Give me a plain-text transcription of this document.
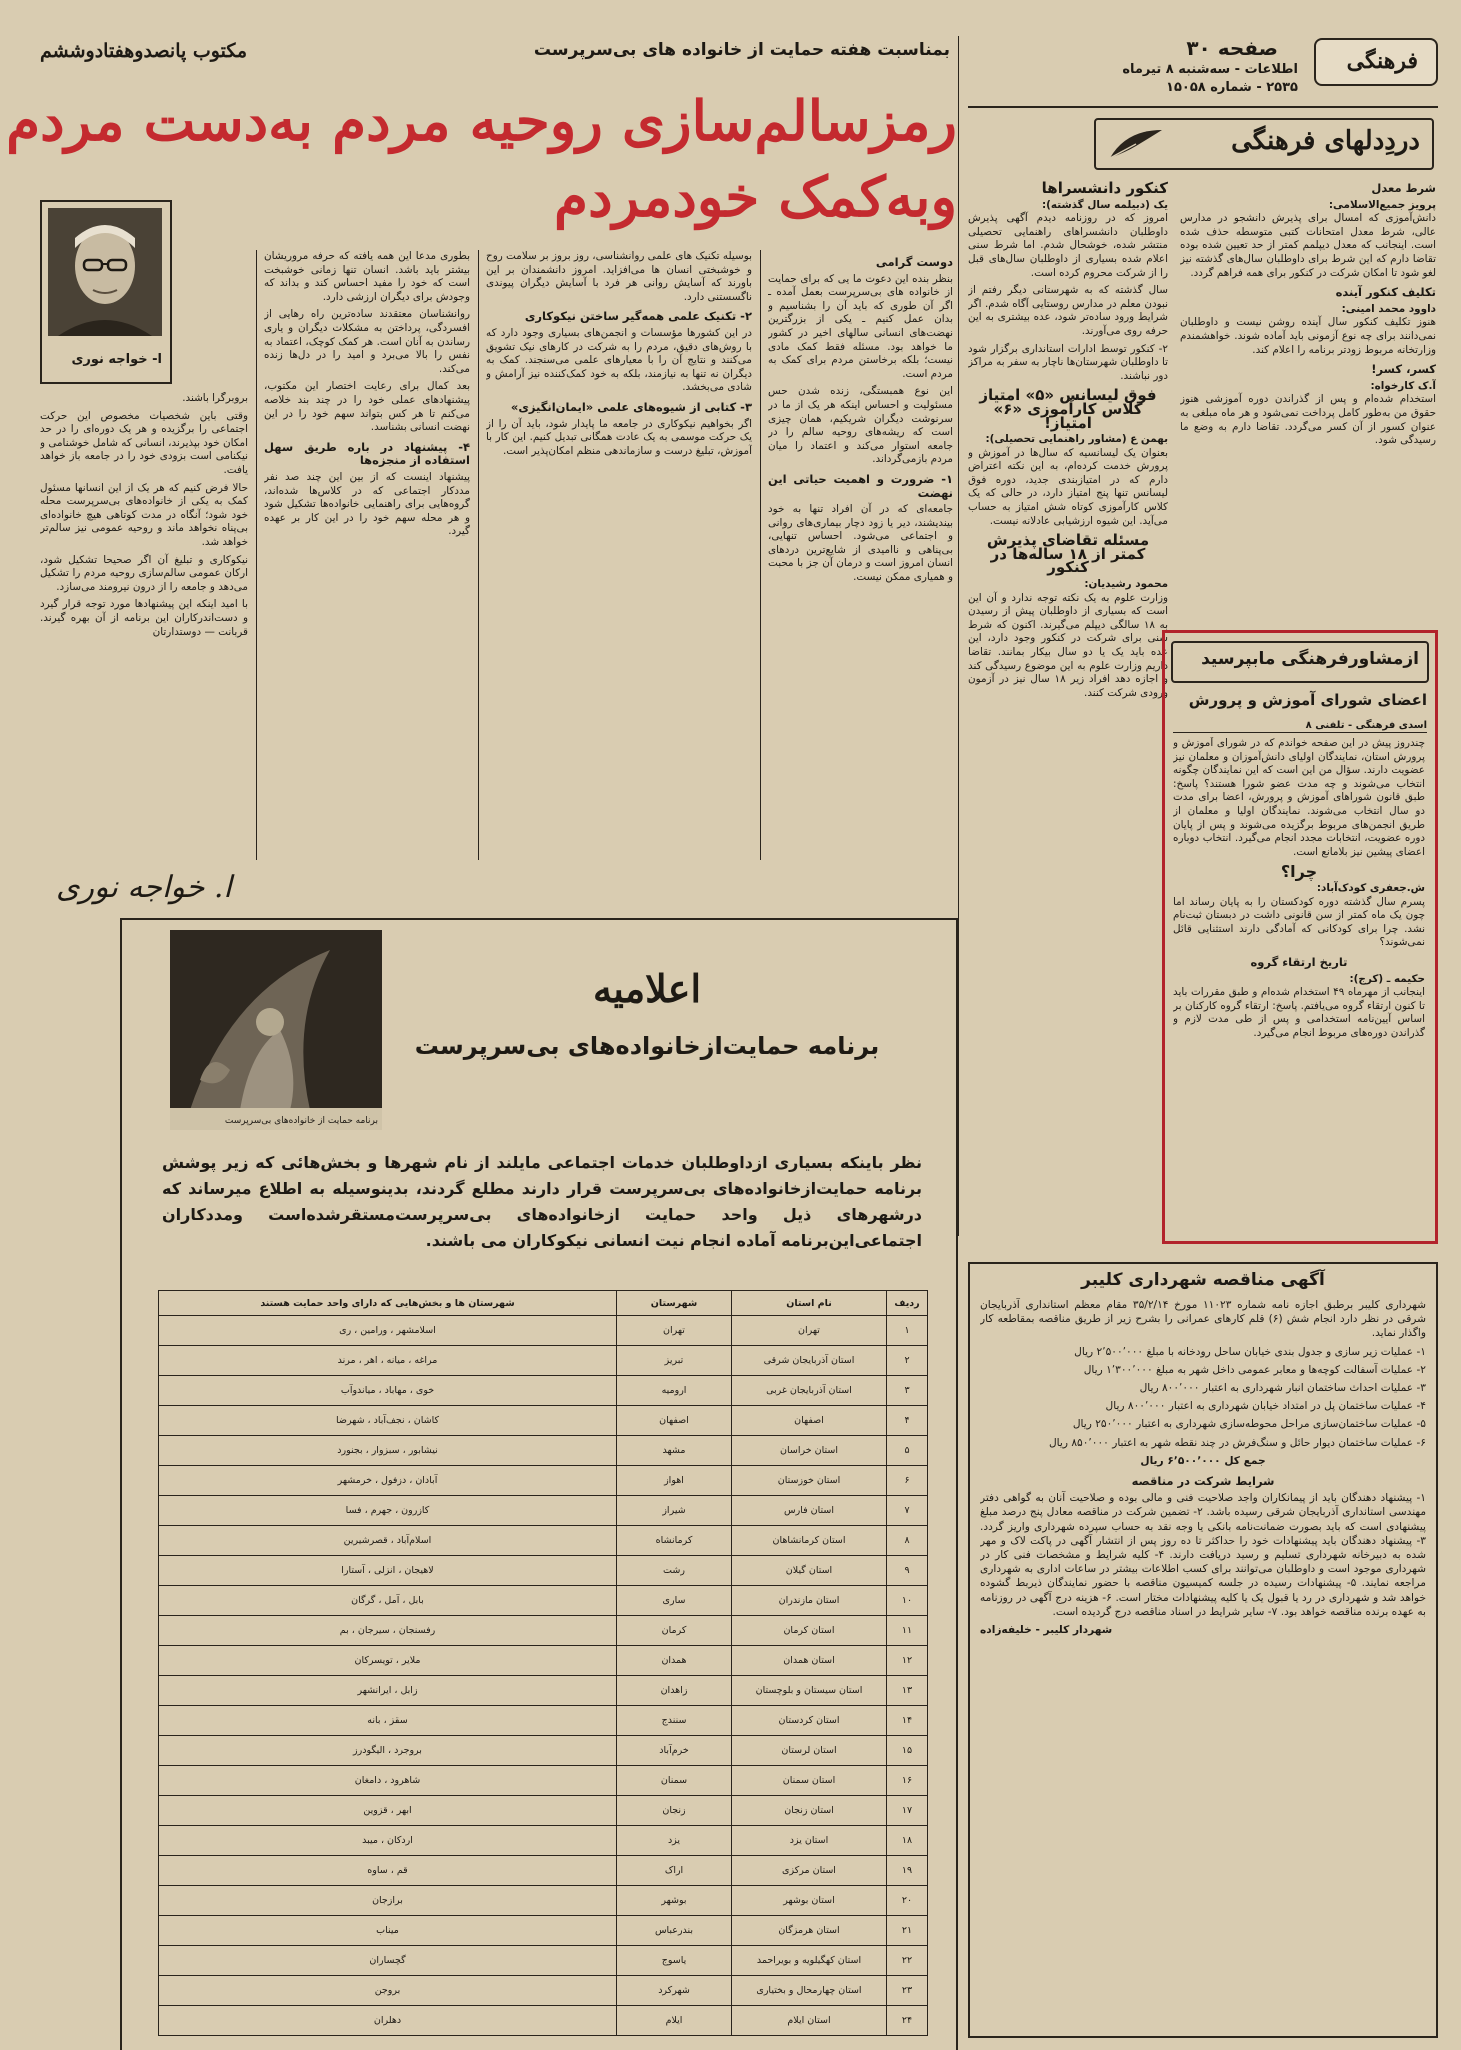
فرهنگی
صفحه ۳۰
اطلاعات - سه‌شنبه ۸ تیرماه
۲۵۳۵ - شماره ۱۵۰۵۸
دردِدلهای فرهنگی
شرط معدل
پرویز جمیع‌الاسلامی:

دانش‌آموزی که امسال برای پذیرش دانشجو در مدارس عالی، شرط معدل امتحانات کتبی متوسطه حذف شده است. اینجانب که معدل دیپلمم کمتر از حد تعیین شده بوده تقاضا دارم که این شرط برای داوطلبان سال‌های گذشته نیز لغو شود تا امکان شرکت در کنکور برای همه فراهم گردد.

تکلیف کنکور آینده
داوود محمد امینی:

هنوز تکلیف کنکور سال آینده روشن نیست و داوطلبان نمی‌دانند برای چه نوع آزمونی باید آماده شوند. خواهشمندم وزارتخانه مربوط زودتر برنامه را اعلام کند.

کسر، کسر!
آ.ک کارخواه:

استخدام شده‌ام و پس از گذراندن دوره آموزشی هنوز حقوق من به‌طور کامل پرداخت نمی‌شود و هر ماه مبلغی به عنوان کسور از آن کسر می‌گردد. تقاضا دارم به وضع ما رسیدگی شود.

کنکور دانشسراها
یک (دبیلمه سال گذشته):

امروز که در روزنامه دیدم آگهی پذیرش داوطلبان دانشسراهای راهنمایی تحصیلی منتشر شده، خوشحال شدم. اما شرط سنی اعلام شده بسیاری از داوطلبان سال‌های قبل را از شرکت محروم کرده است.

سال گذشته که به شهرستانی دیگر رفتم از نبودن معلم در مدارس روستایی آگاه شدم. اگر شرایط ورود ساده‌تر شود، عده بیشتری به این حرفه روی می‌آورند.

۲- کنکور توسط ادارات استانداری برگزار شود تا داوطلبان شهرستان‌ها ناچار به سفر به مراکز دور نباشند.

فوق لیسانس «۵» امتیاز کلاس کارآموزی «۶» امتیاز!
بهمن ع (مشاور راهنمایی تحصیلی):

بعنوان یک لیسانسیه که سال‌ها در آموزش و پرورش خدمت کرده‌ام، به این نکته اعتراض دارم که در امتیازبندی جدید، دوره فوق لیسانس تنها پنج امتیاز دارد، در حالی که یک کلاس کارآموزی کوتاه شش امتیاز به حساب می‌آید. این شیوه ارزشیابی عادلانه نیست.

مسئله تقاضای پذیرش کمتر از ۱۸ ساله‌ها در کنکور
محمود رشیدیان:

وزارت علوم به یک نکته توجه ندارد و آن این است که بسیاری از داوطلبان پیش از رسیدن به ۱۸ سالگی دیپلم می‌گیرند. اکنون که شرط سنی برای شرکت در کنکور وجود دارد، این عده باید یک یا دو سال بیکار بمانند. تقاضا داریم وزارت علوم به این موضوع رسیدگی کند و اجازه دهد افراد زیر ۱۸ سال نیز در آزمون ورودی شرکت کنند.

ازمشاورفرهنگی مابپرسید
اعضای شورای آموزش و پرورش
اسدی فرهنگی - تلفنی ۸

چندروز پیش در این صفحه خواندم که در شورای آموزش و پرورش استان، نمایندگان اولیای دانش‌آموزان و معلمان نیز عضویت دارند. سؤال من این است که این نمایندگان چگونه انتخاب می‌شوند و چه مدت عضو شورا هستند؟ پاسخ: طبق قانون شوراهای آموزش و پرورش، اعضا برای مدت دو سال انتخاب می‌شوند. نمایندگان اولیا و معلمان از طریق انجمن‌های مربوط برگزیده می‌شوند و پس از پایان دوره عضویت، انتخابات مجدد انجام می‌گیرد. انتخاب دوباره اعضای پیشین نیز بلامانع است.

چرا؟
ش.جعفری کودک‌آباد:

پسرم سال گذشته دوره کودکستان را به پایان رساند اما چون یک ماه کمتر از سن قانونی داشت در دبستان ثبت‌نام نشد. چرا برای کودکانی که آمادگی دارند استثنایی قائل نمی‌شوند؟

تاریخ ارتقاء گروه
حکیمه ـ (کرج):

اینجانب از مهرماه ۴۹ استخدام شده‌ام و طبق مقررات باید تا کنون ارتقاء گروه می‌یافتم. پاسخ: ارتقاء گروه کارکنان بر اساس آیین‌نامه استخدامی و پس از طی مدت لازم و گذراندن دوره‌های مربوط انجام می‌گیرد.

بمناسبت هفته حمایت از خانواده های بی‌سرپرست
مکتوب پانصدوهفتادوششم
رمزسالم‌سازی روحیه مردم به‌دست مردم
وبه‌کمک خودمردم
ا- خواجه نوری
دوست گرامی

بنظر بنده این دعوت ما یی که برای حمایت از خانواده های بی‌سرپرست بعمل آمده ـ اگر آن طوری که باید آن را بشناسیم و بدان عمل کنیم ـ یکی از بزرگترین نهضت‌های انسانی سالهای اخیر در کشور ما خواهد بود. مسئله فقط کمک مادی نیست؛ بلکه برخاستن مردم برای کمک به مردم است.

این نوع همبستگی، زنده شدن حس مسئولیت و احساس اینکه هر یک از ما در سرنوشت دیگران شریکیم، همان چیزی است که ریشه‌های روحیه سالم را در جامعه استوار می‌کند و اعتماد را میان مردم بازمی‌گرداند.

۱- ضرورت و اهمیت حیاتی این نهضت

جامعه‌ای که در آن افراد تنها به خود بیندیشند، دیر یا زود دچار بیماری‌های روانی و اجتماعی می‌شود. احساس تنهایی، بی‌پناهی و ناامیدی از شایع‌ترین دردهای انسان امروز است و درمان آن جز با محبت و همیاری ممکن نیست.

بوسیله تکنیک های علمی روانشناسی، روز بروز بر سلامت روح و خوشبختی انسان ها می‌افزاید. امروز دانشمندان بر این باورند که آسایش روانی هر فرد با آسایش دیگران پیوندی ناگسستنی دارد.

۲- تکنیک علمی همه‌گیر ساختن نیکوکاری

در این کشورها مؤسسات و انجمن‌های بسیاری وجود دارد که با روش‌های دقیق، مردم را به شرکت در کارهای نیک تشویق می‌کنند و نتایج آن را با معیارهای علمی می‌سنجند. کمک به دیگران نه تنها به نیازمند، بلکه به خود کمک‌کننده نیز آرامش و شادی می‌بخشد.

۳- کتابی از شیوه‌های علمی «ایمان‌انگیزی»

اگر بخواهیم نیکوکاری در جامعه ما پایدار شود، باید آن را از یک حرکت موسمی به یک عادت همگانی تبدیل کنیم. این کار با آموزش، تبلیغ درست و سازماندهی منظم امکان‌پذیر است.

بطوری مدعا این همه یافته که حرفه مروریشان بیشتر باید باشد. انسان تنها زمانی خوشبخت است که خود را مفید احساس کند و بداند که وجودش برای دیگران ارزشی دارد.

روانشناسان معتقدند ساده‌ترین راه رهایی از افسردگی، پرداختن به مشکلات دیگران و یاری رساندن به آنان است. هر کمک کوچک، اعتماد به نفس را بالا می‌برد و امید را در دل‌ها زنده می‌کند.

بعد کمال برای رعایت اختصار این مکتوب، پیشنهادهای عملی خود را در چند بند خلاصه می‌کنم تا هر کس بتواند سهم خود را در این نهضت انسانی بشناسد.

۴- پیشنهاد در باره طریق سهل استفاده از منجزه‌ها

پیشنهاد اینست که از بین این چند صد نفر مددکار اجتماعی که در کلاس‌ها شده‌اند، گروه‌هایی برای راهنمایی خانواده‌ها تشکیل شود و هر محله سهم خود را در این کار بر عهده گیرد.

بروبرگرا باشند.

وقتی باین شخصیات مخصوص این حرکت اجتماعی را برگزیده و هر یک دوره‌ای را در حد امکان خود بپذیرند، انسانی که شامل خوشنامی و نیکنامی است بزودی خود را در جامعه باز خواهد یافت.

حالا فرض کنیم که هر یک از این انسانها مسئول کمک به یکی از خانواده‌های بی‌سرپرست محله خود شود؛ آنگاه در مدت کوتاهی هیچ خانواده‌ای بی‌پناه نخواهد ماند و روحیه عمومی نیز سالم‌تر خواهد شد.

نیکوکاری و تبلیغ آن اگر صحیحا تشکیل شود، ارکان عمومی سالم‌سازی روحیه مردم را تشکیل می‌دهد و جامعه را از درون نیرومند می‌سازد.

با امید اینکه این پیشنهادها مورد توجه قرار گیرد و دست‌اندرکاران این برنامه از آن بهره گیرند. قربانت — دوستدارتان

ا. خواجه نوری
برنامه حمایت از خانواده‌های بی‌سرپرست
اعلامیه
برنامه حمایت‌ازخانواده‌های بی‌سرپرست
نظر باینکه بسیاری ازداوطلبان خدمات اجتماعی مایلند از نام شهرها و بخش‌هائی که زیر پوشش برنامه حمایت‌ازخانواده‌های بی‌سرپرست قرار دارند مطلع گردند، بدینوسیله به اطلاع میرساند که درشهرهای ذیل واحد حمایت ازخانواده‌های بی‌سرپرست‌مستقرشده‌است ومددکاران اجتماعی‌این‌برنامه آماده انجام نیت انسانی نیکوکاران می باشند.
ردیف	نام استان	شهرستان	شهرستان ها و بخش‌هایی که دارای واحد حمایت هستند
۱	تهران	تهران	اسلامشهر ، ورامین ، ری
۲	استان آذربایجان شرقی	تبریز	مراغه ، میانه ، اهر ، مرند
۳	استان آذربایجان غربی	ارومیه	خوی ، مهاباد ، میاندوآب
۴	اصفهان	اصفهان	کاشان ، نجف‌آباد ، شهرضا
۵	استان خراسان	مشهد	نیشابور ، سبزوار ، بجنورد
۶	استان خوزستان	اهواز	آبادان ، دزفول ، خرمشهر
۷	استان فارس	شیراز	کازرون ، جهرم ، فسا
۸	استان کرمانشاهان	کرمانشاه	اسلام‌آباد ، قصرشیرین
۹	استان گیلان	رشت	لاهیجان ، انزلی ، آستارا
۱۰	استان مازندران	ساری	بابل ، آمل ، گرگان
۱۱	استان کرمان	کرمان	رفسنجان ، سیرجان ، بم
۱۲	استان همدان	همدان	ملایر ، تویسرکان
۱۳	استان سیستان و بلوچستان	زاهدان	زابل ، ایرانشهر
۱۴	استان کردستان	سنندج	سقز ، بانه
۱۵	استان لرستان	خرم‌آباد	بروجرد ، الیگودرز
۱۶	استان سمنان	سمنان	شاهرود ، دامغان
۱۷	استان زنجان	زنجان	ابهر ، قزوین
۱۸	استان یزد	یزد	اردکان ، میبد
۱۹	استان مرکزی	اراک	قم ، ساوه
۲۰	استان بوشهر	بوشهر	برازجان
۲۱	استان هرمزگان	بندرعباس	میناب
۲۲	استان کهگیلویه و بویراحمد	یاسوج	گچساران
۲۳	استان چهارمحال و بختیاری	شهرکرد	بروجن
۲۴	استان ایلام	ایلام	دهلران
آگهی مناقصه شهرداری کلیبر

شهرداری کلیبر برطبق اجازه نامه شماره ۱۱۰۲۳ مورخ ۳۵/۲/۱۴ مقام معظم استانداری آذربایجان شرقی در نظر دارد انجام شش (۶) قلم کارهای عمرانی را بشرح زیر از طریق مناقصه بمقاطعه کار واگذار نماید.

۱- عملیات زیر سازی و جدول بندی خیابان ساحل رودخانه با مبلغ ۲٬۵۰۰٬۰۰۰ ریال

۲- عملیات آسفالت کوچه‌ها و معابر عمومی داخل شهر به مبلغ ۱٬۳۰۰٬۰۰۰ ریال

۳- عملیات احداث ساختمان انبار شهرداری به اعتبار ۸۰۰٬۰۰۰ ریال

۴- عملیات ساختمان پل در امتداد خیابان شهرداری به اعتبار ۸۰۰٬۰۰۰ ریال

۵- عملیات ساختمان‌سازی مراحل محوطه‌سازی شهرداری به اعتبار ۲۵۰٬۰۰۰ ریال

۶- عملیات ساختمان دیوار حائل و سنگ‌فرش در چند نقطه شهر به اعتبار ۸۵۰٬۰۰۰ ریال

جمع کل ۶٬۵۰۰٬۰۰۰ ریال

شرایط شرکت در مناقصه

۱- پیشنهاد دهندگان باید از پیمانکاران واجد صلاحیت فنی و مالی بوده و صلاحیت آنان به گواهی دفتر مهندسی استانداری آذربایجان شرقی رسیده باشد. ۲- تضمین شرکت در مناقصه معادل پنج درصد مبلغ پیشنهادی است که باید بصورت ضمانت‌نامه بانکی یا وجه نقد به حساب سپرده شهرداری واریز گردد. ۳- پیشنهاد دهندگان باید پیشنهادات خود را حداکثر تا ده روز پس از انتشار آگهی در پاکت لاک و مهر شده به دبیرخانه شهرداری تسلیم و رسید دریافت دارند. ۴- کلیه شرایط و مشخصات فنی کار در شهرداری موجود است و داوطلبان می‌توانند برای کسب اطلاعات بیشتر در ساعات اداری به شهرداری مراجعه نمایند. ۵- پیشنهادات رسیده در جلسه کمیسیون مناقصه با حضور نمایندگان ذیربط گشوده خواهد شد و شهرداری در رد یا قبول یک یا کلیه پیشنهادات مختار است. ۶- هزینه درج آگهی در روزنامه به عهده برنده مناقصه خواهد بود. ۷- سایر شرایط در اسناد مناقصه درج گردیده است.

شهردار کلیبر - خلیفه‌زاده
